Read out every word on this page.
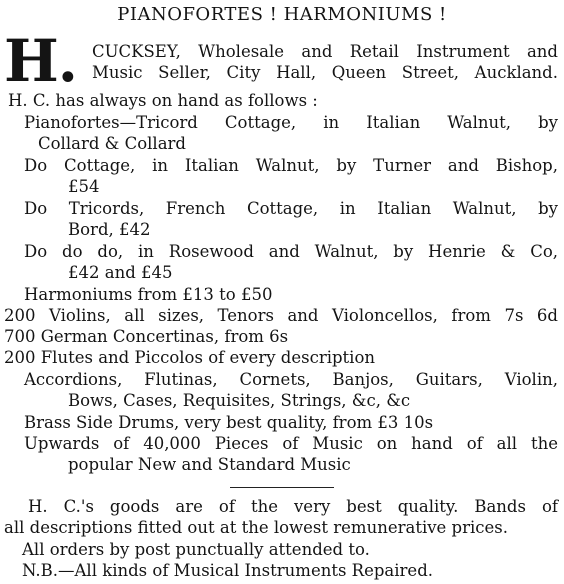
PIANOFORTES ! HARMONIUMS !
H. CUCKSEY, Wholesale and Retail Instrument and
Music Seller, City Hall, Queen Street, Auckland.
H. C. has always on hand as follows :
Pianofortes—Tricord Cottage, in Italian Walnut, by
Collard & Collard
Do Cottage, in Italian Walnut, by Turner and Bishop,
£54
Do Tricords, French Cottage, in Italian Walnut, by
Bord, £42
Do do do, in Rosewood and Walnut, by Henrie & Co,
£42 and £45
Harmoniums from £13 to £50
200 Violins, all sizes, Tenors and Violoncellos, from 7s 6d
700 German Concertinas, from 6s
200 Flutes and Piccolos of every description
Accordions, Flutinas, Cornets, Banjos, Guitars, Violin,
Bows, Cases, Requisites, Strings, &c, &c
Brass Side Drums, very best quality, from £3 10s
Upwards of 40,000 Pieces of Music on hand of all the
popular New and Standard Music
H. C.'s goods are of the very best quality. Bands of
all descriptions fitted out at the lowest remunerative prices.
All orders by post punctually attended to.
N.B.—All kinds of Musical Instruments Repaired.
